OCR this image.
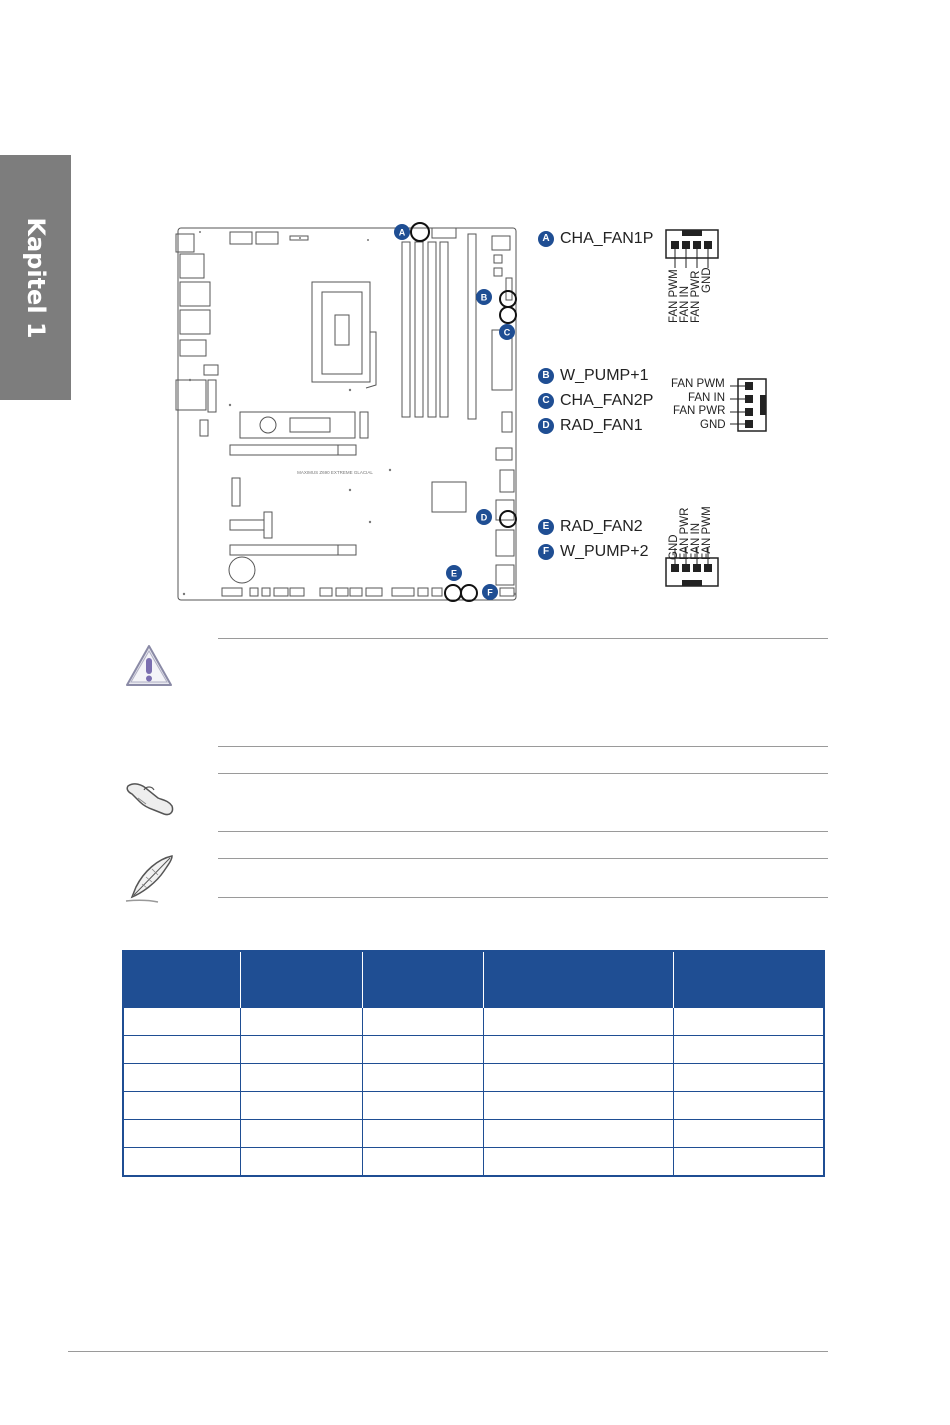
Kapitel 1
MAXIMUS Z690 EXTREME GLACIAL
A
B
C
D
E
F
A CHA_FAN1P
B W_PUMP+1
C CHA_FAN2P
D RAD_FAN1
E RAD_FAN2
F W_PUMP+2
FAN PWM FAN IN FAN PWR GND
FAN PWM
FAN IN
FAN PWR
GND
GND FAN PWR FAN IN FAN PWM
